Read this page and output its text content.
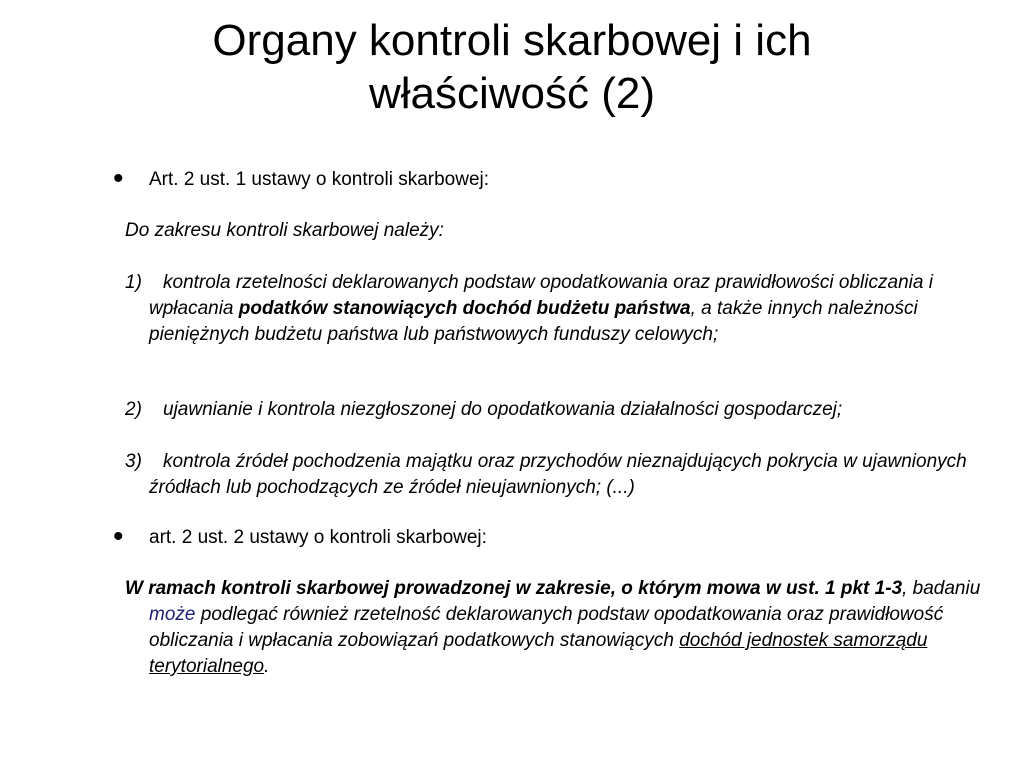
Organy kontroli skarbowej i ich
właściwość (2)
• Art. 2 ust. 1 ustawy o kontroli skarbowej:

Do zakresu kontroli skarbowej należy:

1) kontrola rzetelności deklarowanych podstaw opodatkowania oraz prawidłowości obliczania i wpłacania podatków stanowiących dochód budżetu państwa, a także innych należności pieniężnych budżetu państwa lub państwowych funduszy celowych;

2) ujawnianie i kontrola niezgłoszonej do opodatkowania działalności gospodarczej;

3) kontrola źródeł pochodzenia majątku oraz przychodów nieznajdujących pokrycia w ujawnionych źródłach lub pochodzących ze źródeł nieujawnionych; (...)

• art. 2 ust. 2 ustawy o kontroli skarbowej:

W ramach kontroli skarbowej prowadzonej w zakresie, o którym mowa w ust. 1 pkt 1-3, badaniu może podlegać również rzetelność deklarowanych podstaw opodatkowania oraz prawidłowość obliczania i wpłacania zobowiązań podatkowych stanowiących dochód jednostek samorządu terytorialnego.
